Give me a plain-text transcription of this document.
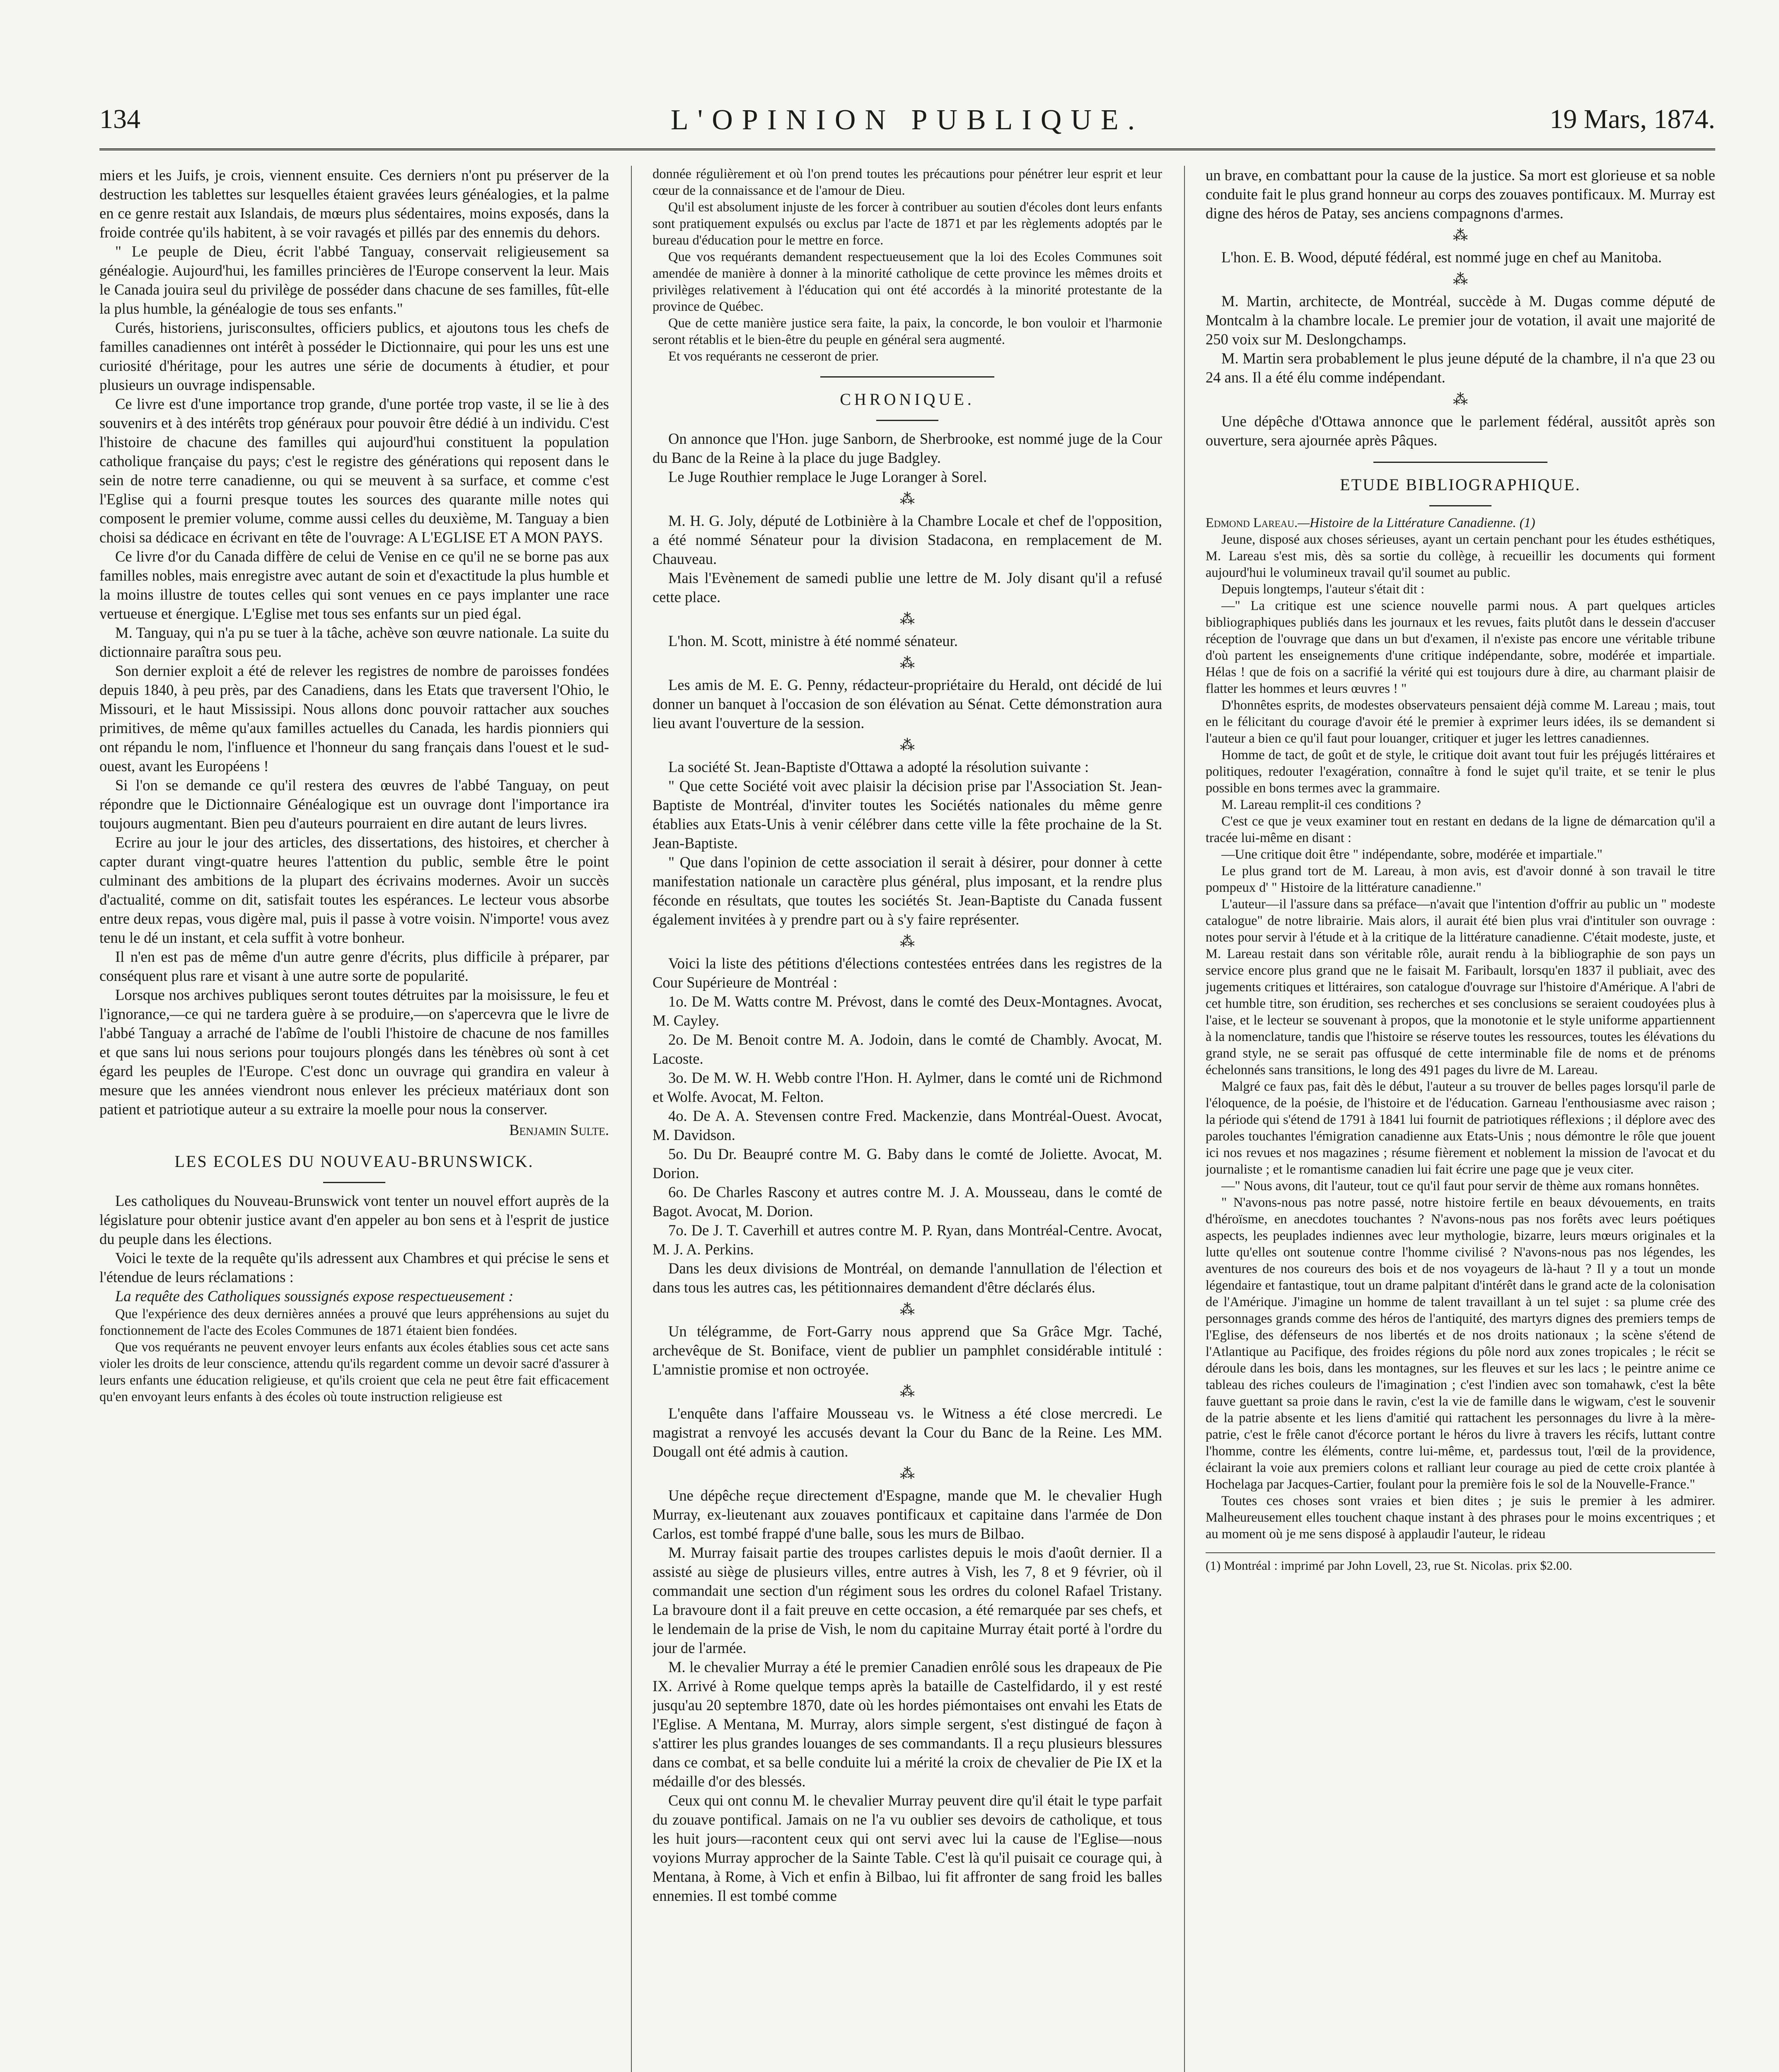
134	L'OPINION PUBLIQUE.	19 Mars, 1874.

miers et les Juifs, je crois, viennent ensuite. Ces derniers n'ont pu préserver de la destruction les tablettes sur lesquelles étaient gravées leurs généalogies, et la palme en ce genre restait aux Islandais, de mœurs plus sédentaires, moins exposés, dans la froide contrée qu'ils habitent, à se voir ravagés et pillés par des ennemis du dehors.

" Le peuple de Dieu, écrit l'abbé Tanguay, conservait religieusement sa généalogie. Aujourd'hui, les familles princières de l'Europe conservent la leur. Mais le Canada jouira seul du privilège de posséder dans chacune de ses familles, fût-elle la plus humble, la généalogie de tous ses enfants."

Curés, historiens, jurisconsultes, officiers publics, et ajoutons tous les chefs de familles canadiennes ont intérêt à posséder le Dictionnaire, qui pour les uns est une curiosité d'héritage, pour les autres une série de documents à étudier, et pour plusieurs un ouvrage indispensable.

Ce livre est d'une importance trop grande, d'une portée trop vaste, il se lie à des souvenirs et à des intérêts trop généraux pour pouvoir être dédié à un individu. C'est l'histoire de chacune des familles qui aujourd'hui constituent la population catholique française du pays; c'est le registre des générations qui reposent dans le sein de notre terre canadienne, ou qui se meuvent à sa surface, et comme c'est l'Eglise qui a fourni presque toutes les sources des quarante mille notes qui composent le premier volume, comme aussi celles du deuxième, M. Tanguay a bien choisi sa dédicace en écrivant en tête de l'ouvrage: A L'EGLISE ET A MON PAYS.

Ce livre d'or du Canada diffère de celui de Venise en ce qu'il ne se borne pas aux familles nobles, mais enregistre avec autant de soin et d'exactitude la plus humble et la moins illustre de toutes celles qui sont venues en ce pays implanter une race vertueuse et énergique. L'Eglise met tous ses enfants sur un pied égal.

M. Tanguay, qui n'a pu se tuer à la tâche, achève son œuvre nationale. La suite du dictionnaire paraîtra sous peu.

Son dernier exploit a été de relever les registres de nombre de paroisses fondées depuis 1840, à peu près, par des Canadiens, dans les Etats que traversent l'Ohio, le Missouri, et le haut Mississipi. Nous allons donc pouvoir rattacher aux souches primitives, de même qu'aux familles actuelles du Canada, les hardis pionniers qui ont répandu le nom, l'influence et l'honneur du sang français dans l'ouest et le sud-ouest, avant les Européens !

Si l'on se demande ce qu'il restera des œuvres de l'abbé Tanguay, on peut répondre que le Dictionnaire Généalogique est un ouvrage dont l'importance ira toujours augmentant. Bien peu d'auteurs pourraient en dire autant de leurs livres.

Ecrire au jour le jour des articles, des dissertations, des histoires, et chercher à capter durant vingt-quatre heures l'attention du public, semble être le point culminant des ambitions de la plupart des écrivains modernes. Avoir un succès d'actualité, comme on dit, satisfait toutes les espérances. Le lecteur vous absorbe entre deux repas, vous digère mal, puis il passe à votre voisin. N'importe! vous avez tenu le dé un instant, et cela suffit à votre bonheur.

Il n'en est pas de même d'un autre genre d'écrits, plus difficile à préparer, par conséquent plus rare et visant à une autre sorte de popularité.

Lorsque nos archives publiques seront toutes détruites par la moisissure, le feu et l'ignorance,—ce qui ne tardera guère à se produire,—on s'apercevra que le livre de l'abbé Tanguay a arraché de l'abîme de l'oubli l'histoire de chacune de nos familles et que sans lui nous serions pour toujours plongés dans les ténèbres où sont à cet égard les peuples de l'Europe. C'est donc un ouvrage qui grandira en valeur à mesure que les années viendront nous enlever les précieux matériaux dont son patient et patriotique auteur a su extraire la moelle pour nous la conserver.

Benjamin Sulte.

LES ECOLES DU NOUVEAU-BRUNSWICK.

Les catholiques du Nouveau-Brunswick vont tenter un nouvel effort auprès de la législature pour obtenir justice avant d'en appeler au bon sens et à l'esprit de justice du peuple dans les élections.

Voici le texte de la requête qu'ils adressent aux Chambres et qui précise le sens et l'étendue de leurs réclamations :

La requête des Catholiques soussignés expose respectueusement :

Que l'expérience des deux dernières années a prouvé que leurs appréhensions au sujet du fonctionnement de l'acte des Ecoles Communes de 1871 étaient bien fondées.

Que vos requérants ne peuvent envoyer leurs enfants aux écoles établies sous cet acte sans violer les droits de leur conscience, attendu qu'ils regardent comme un devoir sacré d'assurer à leurs enfants une éducation religieuse, et qu'ils croient que cela ne peut être fait efficacement qu'en envoyant leurs enfants à des écoles où toute instruction religieuse est

donnée régulièrement et où l'on prend toutes les précautions pour pénétrer leur esprit et leur cœur de la connaissance et de l'amour de Dieu.

Qu'il est absolument injuste de les forcer à contribuer au soutien d'écoles dont leurs enfants sont pratiquement expulsés ou exclus par l'acte de 1871 et par les règlements adoptés par le bureau d'éducation pour le mettre en force.

Que vos requérants demandent respectueusement que la loi des Ecoles Communes soit amendée de manière à donner à la minorité catholique de cette province les mêmes droits et privilèges relativement à l'éducation qui ont été accordés à la minorité protestante de la province de Québec.

Que de cette manière justice sera faite, la paix, la concorde, le bon vouloir et l'harmonie seront rétablis et le bien-être du peuple en général sera augmenté.

Et vos requérants ne cesseront de prier.

CHRONIQUE.

On annonce que l'Hon. juge Sanborn, de Sherbrooke, est nommé juge de la Cour du Banc de la Reine à la place du juge Badgley.

Le Juge Routhier remplace le Juge Loranger à Sorel.

⁂

M. H. G. Joly, député de Lotbinière à la Chambre Locale et chef de l'opposition, a été nommé Sénateur pour la division Stadacona, en remplacement de M. Chauveau.

Mais l'Evènement de samedi publie une lettre de M. Joly disant qu'il a refusé cette place.

⁂

L'hon. M. Scott, ministre à été nommé sénateur.

⁂

Les amis de M. E. G. Penny, rédacteur-propriétaire du Herald, ont décidé de lui donner un banquet à l'occasion de son élévation au Sénat. Cette démonstration aura lieu avant l'ouverture de la session.

⁂

La société St. Jean-Baptiste d'Ottawa a adopté la résolution suivante :

" Que cette Société voit avec plaisir la décision prise par l'Association St. Jean-Baptiste de Montréal, d'inviter toutes les Sociétés nationales du même genre établies aux Etats-Unis à venir célébrer dans cette ville la fête prochaine de la St. Jean-Baptiste.

" Que dans l'opinion de cette association il serait à désirer, pour donner à cette manifestation nationale un caractère plus général, plus imposant, et la rendre plus féconde en résultats, que toutes les sociétés St. Jean-Baptiste du Canada fussent également invitées à y prendre part ou à s'y faire représenter.

⁂

Voici la liste des pétitions d'élections contestées entrées dans les registres de la Cour Supérieure de Montréal :

1o. De M. Watts contre M. Prévost, dans le comté des Deux-Montagnes. Avocat, M. Cayley.

2o. De M. Benoit contre M. A. Jodoin, dans le comté de Chambly. Avocat, M. Lacoste.

3o. De M. W. H. Webb contre l'Hon. H. Aylmer, dans le comté uni de Richmond et Wolfe. Avocat, M. Felton.

4o. De A. A. Stevensen contre Fred. Mackenzie, dans Montréal-Ouest. Avocat, M. Davidson.

5o. Du Dr. Beaupré contre M. G. Baby dans le comté de Joliette. Avocat, M. Dorion.

6o. De Charles Rascony et autres contre M. J. A. Mousseau, dans le comté de Bagot. Avocat, M. Dorion.

7o. De J. T. Caverhill et autres contre M. P. Ryan, dans Montréal-Centre. Avocat, M. J. A. Perkins.

Dans les deux divisions de Montréal, on demande l'annullation de l'élection et dans tous les autres cas, les pétitionnaires demandent d'être déclarés élus.

⁂

Un télégramme, de Fort-Garry nous apprend que Sa Grâce Mgr. Taché, archevêque de St. Boniface, vient de publier un pamphlet considérable intitulé : L'amnistie promise et non octroyée.

⁂

L'enquête dans l'affaire Mousseau vs. le Witness a été close mercredi. Le magistrat a renvoyé les accusés devant la Cour du Banc de la Reine. Les MM. Dougall ont été admis à caution.

⁂

Une dépêche reçue directement d'Espagne, mande que M. le chevalier Hugh Murray, ex-lieutenant aux zouaves pontificaux et capitaine dans l'armée de Don Carlos, est tombé frappé d'une balle, sous les murs de Bilbao.

M. Murray faisait partie des troupes carlistes depuis le mois d'août dernier. Il a assisté au siège de plusieurs villes, entre autres à Vish, les 7, 8 et 9 février, où il commandait une section d'un régiment sous les ordres du colonel Rafael Tristany. La bravoure dont il a fait preuve en cette occasion, a été remarquée par ses chefs, et le lendemain de la prise de Vish, le nom du capitaine Murray était porté à l'ordre du jour de l'armée.

M. le chevalier Murray a été le premier Canadien enrôlé sous les drapeaux de Pie IX. Arrivé à Rome quelque temps après la bataille de Castelfidardo, il y est resté jusqu'au 20 septembre 1870, date où les hordes piémontaises ont envahi les Etats de l'Eglise. A Mentana, M. Murray, alors simple sergent, s'est distingué de façon à s'attirer les plus grandes louanges de ses commandants. Il a reçu plusieurs blessures dans ce combat, et sa belle conduite lui a mérité la croix de chevalier de Pie IX et la médaille d'or des blessés.

Ceux qui ont connu M. le chevalier Murray peuvent dire qu'il était le type parfait du zouave pontifical. Jamais on ne l'a vu oublier ses devoirs de catholique, et tous les huit jours—racontent ceux qui ont servi avec lui la cause de l'Eglise—nous voyions Murray approcher de la Sainte Table. C'est là qu'il puisait ce courage qui, à Mentana, à Rome, à Vich et enfin à Bilbao, lui fit affronter de sang froid les balles ennemies. Il est tombé comme

un brave, en combattant pour la cause de la justice. Sa mort est glorieuse et sa noble conduite fait le plus grand honneur au corps des zouaves pontificaux. M. Murray est digne des héros de Patay, ses anciens compagnons d'armes.

⁂

L'hon. E. B. Wood, député fédéral, est nommé juge en chef au Manitoba.

⁂

M. Martin, architecte, de Montréal, succède à M. Dugas comme député de Montcalm à la chambre locale. Le premier jour de votation, il avait une majorité de 250 voix sur M. Deslongchamps.

M. Martin sera probablement le plus jeune député de la chambre, il n'a que 23 ou 24 ans. Il a été élu comme indépendant.

⁂

Une dépêche d'Ottawa annonce que le parlement fédéral, aussitôt après son ouverture, sera ajournée après Pâques.

ETUDE BIBLIOGRAPHIQUE.

Edmond Lareau.—Histoire de la Littérature Canadienne. (1)

Jeune, disposé aux choses sérieuses, ayant un certain penchant pour les études esthétiques, M. Lareau s'est mis, dès sa sortie du collège, à recueillir les documents qui forment aujourd'hui le volumineux travail qu'il soumet au public.

Depuis longtemps, l'auteur s'était dit :

—" La critique est une science nouvelle parmi nous. A part quelques articles bibliographiques publiés dans les journaux et les revues, faits plutôt dans le dessein d'accuser réception de l'ouvrage que dans un but d'examen, il n'existe pas encore une véritable tribune d'où partent les enseignements d'une critique indépendante, sobre, modérée et impartiale. Hélas ! que de fois on a sacrifié la vérité qui est toujours dure à dire, au charmant plaisir de flatter les hommes et leurs œuvres ! "

D'honnêtes esprits, de modestes observateurs pensaient déjà comme M. Lareau ; mais, tout en le félicitant du courage d'avoir été le premier à exprimer leurs idées, ils se demandent si l'auteur a bien ce qu'il faut pour louanger, critiquer et juger les lettres canadiennes.

Homme de tact, de goût et de style, le critique doit avant tout fuir les préjugés littéraires et politiques, redouter l'exagération, connaître à fond le sujet qu'il traite, et se tenir le plus possible en bons termes avec la grammaire.

M. Lareau remplit-il ces conditions ?

C'est ce que je veux examiner tout en restant en dedans de la ligne de démarcation qu'il a tracée lui-même en disant :

—Une critique doit être " indépendante, sobre, modérée et impartiale."

Le plus grand tort de M. Lareau, à mon avis, est d'avoir donné à son travail le titre pompeux d' " Histoire de la littérature canadienne."

L'auteur—il l'assure dans sa préface—n'avait que l'intention d'offrir au public un " modeste catalogue" de notre librairie. Mais alors, il aurait été bien plus vrai d'intituler son ouvrage : notes pour servir à l'étude et à la critique de la littérature canadienne. C'était modeste, juste, et M. Lareau restait dans son véritable rôle, aurait rendu à la bibliographie de son pays un service encore plus grand que ne le faisait M. Faribault, lorsqu'en 1837 il publiait, avec des jugements critiques et littéraires, son catalogue d'ouvrage sur l'histoire d'Amérique. A l'abri de cet humble titre, son érudition, ses recherches et ses conclusions se seraient coudoyées plus à l'aise, et le lecteur se souvenant à propos, que la monotonie et le style uniforme appartiennent à la nomenclature, tandis que l'histoire se réserve toutes les ressources, toutes les élévations du grand style, ne se serait pas offusqué de cette interminable file de noms et de prénoms échelonnés sans transitions, le long des 491 pages du livre de M. Lareau.

Malgré ce faux pas, fait dès le début, l'auteur a su trouver de belles pages lorsqu'il parle de l'éloquence, de la poésie, de l'histoire et de l'éducation. Garneau l'enthousiasme avec raison ; la période qui s'étend de 1791 à 1841 lui fournit de patriotiques réflexions ; il déplore avec des paroles touchantes l'émigration canadienne aux Etats-Unis ; nous démontre le rôle que jouent ici nos revues et nos magazines ; résume fièrement et noblement la mission de l'avocat et du journaliste ; et le romantisme canadien lui fait écrire une page que je veux citer.

—" Nous avons, dit l'auteur, tout ce qu'il faut pour servir de thème aux romans honnêtes.

" N'avons-nous pas notre passé, notre histoire fertile en beaux dévouements, en traits d'héroïsme, en anecdotes touchantes ? N'avons-nous pas nos forêts avec leurs poétiques aspects, les peuplades indiennes avec leur mythologie, bizarre, leurs mœurs originales et la lutte qu'elles ont soutenue contre l'homme civilisé ? N'avons-nous pas nos légendes, les aventures de nos coureurs des bois et de nos voyageurs de là-haut ? Il y a tout un monde légendaire et fantastique, tout un drame palpitant d'intérêt dans le grand acte de la colonisation de l'Amérique. J'imagine un homme de talent travaillant à un tel sujet : sa plume crée des personnages grands comme des héros de l'antiquité, des martyrs dignes des premiers temps de l'Eglise, des défenseurs de nos libertés et de nos droits nationaux ; la scène s'étend de l'Atlantique au Pacifique, des froides régions du pôle nord aux zones tropicales ; le récit se déroule dans les bois, dans les montagnes, sur les fleuves et sur les lacs ; le peintre anime ce tableau des riches couleurs de l'imagination ; c'est l'indien avec son tomahawk, c'est la bête fauve guettant sa proie dans le ravin, c'est la vie de famille dans le wigwam, c'est le souvenir de la patrie absente et les liens d'amitié qui rattachent les personnages du livre à la mère-patrie, c'est le frêle canot d'écorce portant le héros du livre à travers les récifs, luttant contre l'homme, contre les éléments, contre lui-même, et, pardessus tout, l'œil de la providence, éclairant la voie aux premiers colons et ralliant leur courage au pied de cette croix plantée à Hochelaga par Jacques-Cartier, foulant pour la première fois le sol de la Nouvelle-France."

Toutes ces choses sont vraies et bien dites ; je suis le premier à les admirer. Malheureusement elles touchent chaque instant à des phrases pour le moins excentriques ; et au moment où je me sens disposé à applaudir l'auteur, le rideau

(1) Montréal : imprimé par John Lovell, 23, rue St. Nicolas. prix $2.00.
